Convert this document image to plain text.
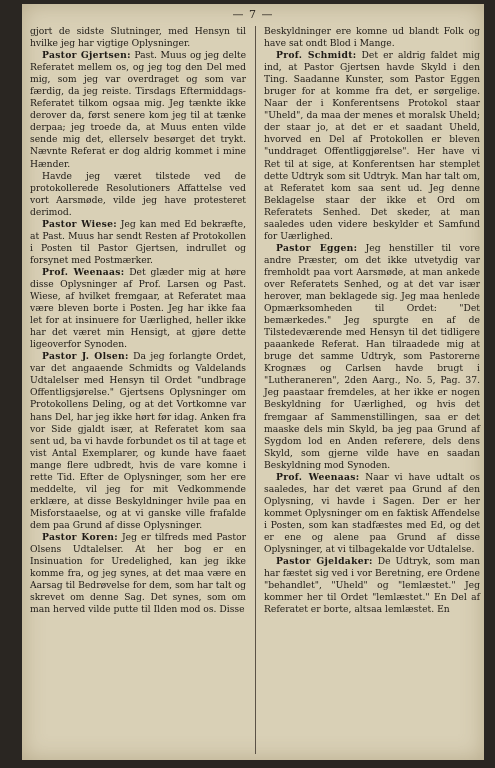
— 7 —

gjort de sidste Slutninger, med Hensyn til hvilke jeg har vigtige Oplysninger.

Pastor Gjertsen: Past. Muus og jeg delte Referatet mellem os, og jeg tog den Del med mig, som jeg var overdraget og som var færdig, da jeg reiste. Tirsdags Eftermiddags-Referatet tilkom ogsaa mig. Jeg tænkte ikke derover da, først senere kom jeg til at tænke derpaa; jeg troede da, at Muus enten vilde sende mig det, ellerselv besørget det trykt. Nævnte Referat er dog aldrig kommet i mine Hænder.

Havde jeg været tilstede ved de protokollerede Resolutioners Affattelse ved vort Aarsmøde, vilde jeg have protesteret derimod.

Pastor Wiese: Jeg kan med Ed bekræfte, at Past. Muus har sendt Resten af Protokollen i Posten til Pastor Gjertsen, indrullet og forsynet med Postmærker.

Prof. Weenaas: Det glæder mig at høre disse Oplysninger af Prof. Larsen og Past. Wiese, af hvilket fremgaar, at Referatet maa være bleven borte i Posten. Jeg har ikke faa let for at insinuere for Uærlighed, heller ikke har det været min Hensigt, at gjøre dette ligeoverfor Synoden.

Pastor J. Olsen: Da jeg forlangte Ordet, var det angaaende Schmidts og Valdelands Udtalelser med Hensyn til Ordet "undbrage Offentligsjørelse." Gjertsens Oplysninger om Protokollens Deling, og at det Vortkomne var hans Del, har jeg ikke hørt før idag. Anken fra vor Side gjaldt især, at Referatet kom saa sent ud, ba vi havde forbundet os til at tage et vist Antal Exemplarer, og kunde have faaet mange flere udbredt, hvis de vare komne i rette Tid. Efter de Oplysninger, som her ere meddelte, vil jeg for mit Vedkommende erklære, at disse Beskyldninger hvile paa en Misforstaaelse, og at vi ganske ville frafalde dem paa Grund af disse Oplysninger.

Pastor Koren: Jeg er tilfreds med Pastor Olsens Udtalelser. At her bog er en Insinuation for Uredelighed, kan jeg ikke komme fra, og jeg synes, at det maa være en Aarsag til Bedrøvelse for dem, som har talt og skrevet om denne Sag. Det synes, som om man herved vilde putte til Ilden mod os. Disse

Beskyldninger ere komne ud blandt Folk og have sat ondt Blod i Mange.

Prof. Schmidt: Det er aldrig faldet mig ind, at Pastor Gjertsen havde Skyld i den Ting. Saadanne Kunster, som Pastor Eggen bruger for at komme fra det, er sørgelige. Naar der i Konferentsens Protokol staar "Uheld", da maa der menes et moralsk Uheld; der staar jo, at det er et saadant Uheld, hvorved en Del af Protokollen er bleven "unddraget Offentliggjørelse". Her have vi Ret til at sige, at Konferentsen har stemplet dette Udtryk som sit Udtryk. Man har talt om, at Referatet kom saa sent ud. Jeg denne Beklagelse staar der ikke et Ord om Referatets Senhed. Det skeder, at man saaledes uden videre beskylder et Samfund for Uærlighed.

Pastor Eggen: Jeg henstiller til vore andre Præster, om det ikke utvetydig var fremholdt paa vort Aarsmøde, at man ankede over Referatets Senhed, og at det var især herover, man beklagede sig. Jeg maa henlede Opmærksomheden til Ordet: "Det bemærkedes." Jeg spurgte en af de Tilstedeværende med Hensyn til det tidligere paaankede Referat. Han tilraadede mig at bruge det samme Udtryk, som Pastorerne Krognæs og Carlsen havde brugt i "Lutheraneren", 2den Aarg., No. 5, Pag. 37. Jeg paastaar fremdeles, at her ikke er nogen Beskyldning for Uærlighed, og hvis det fremgaar af Sammenstillingen, saa er det maaske dels min Skyld, ba jeg paa Grund af Sygdom lod en Anden referere, dels dens Skyld, som gjerne vilde have en saadan Beskyldning mod Synoden.

Prof. Weenaas: Naar vi have udtalt os saaledes, har det været paa Grund af den Oplysning, vi havde i Sagen. Der er her kommet Oplysninger om en faktisk Affendelse i Posten, som kan stadfæstes med Ed, og det er ene og alene paa Grund af disse Oplysninger, at vi tilbagekalde vor Udtalelse.

Pastor Gjeldaker: De Udtryk, som man har fæstet sig ved i vor Beretning, ere Ordene "behandlet", "Uheld" og "lemlæstet." Jeg kommer her til Ordet "lemlæstet." En Del af Referatet er borte, altsaa lemlæstet. En
